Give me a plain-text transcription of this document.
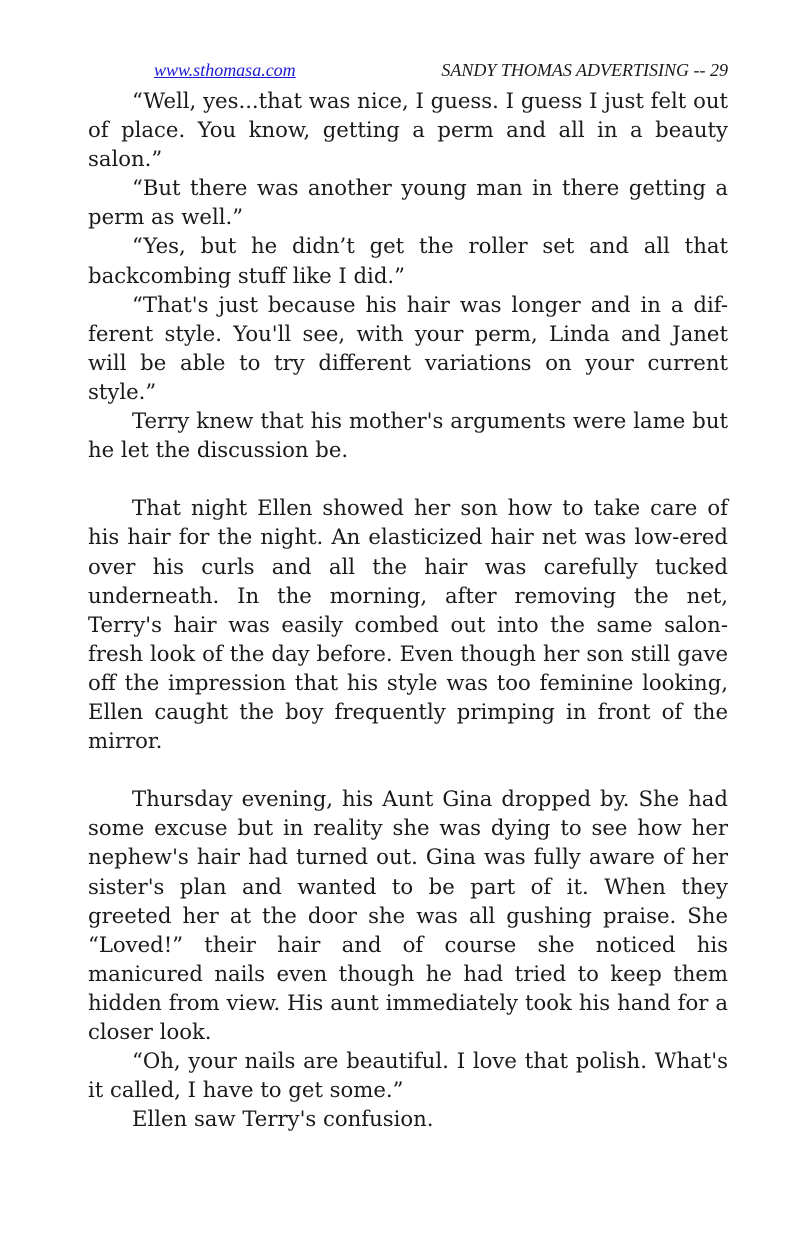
www.sthomasa.com	SANDY THOMAS ADVERTISING -- 29

“Well, yes...that was nice, I guess. I guess I just felt out of place. You know, getting a perm and all in a beauty salon.”

“But there was another young man in there getting a perm as well.”

“Yes, but he didn’t get the roller set and all that backcombing stuff like I did.”

“That's just because his hair was longer and in a dif-ferent style. You'll see, with your perm, Linda and Janet will be able to try different variations on your current style.”

Terry knew that his mother's arguments were lame but he let the discussion be.

That night Ellen showed her son how to take care of his hair for the night. An elasticized hair net was low-ered over his curls and all the hair was carefully tucked underneath. In the morning, after removing the net, Terry's hair was easily combed out into the same salon-fresh look of the day before. Even though her son still gave off the impression that his style was too feminine looking, Ellen caught the boy frequently primping in front of the mirror.

Thursday evening, his Aunt Gina dropped by. She had some excuse but in reality she was dying to see how her nephew's hair had turned out. Gina was fully aware of her sister's plan and wanted to be part of it. When they greeted her at the door she was all gushing praise. She “Loved!” their hair and of course she noticed his manicured nails even though he had tried to keep them hidden from view. His aunt immediately took his hand for a closer look.

“Oh, your nails are beautiful. I love that polish. What's it called, I have to get some.”

Ellen saw Terry's confusion.
